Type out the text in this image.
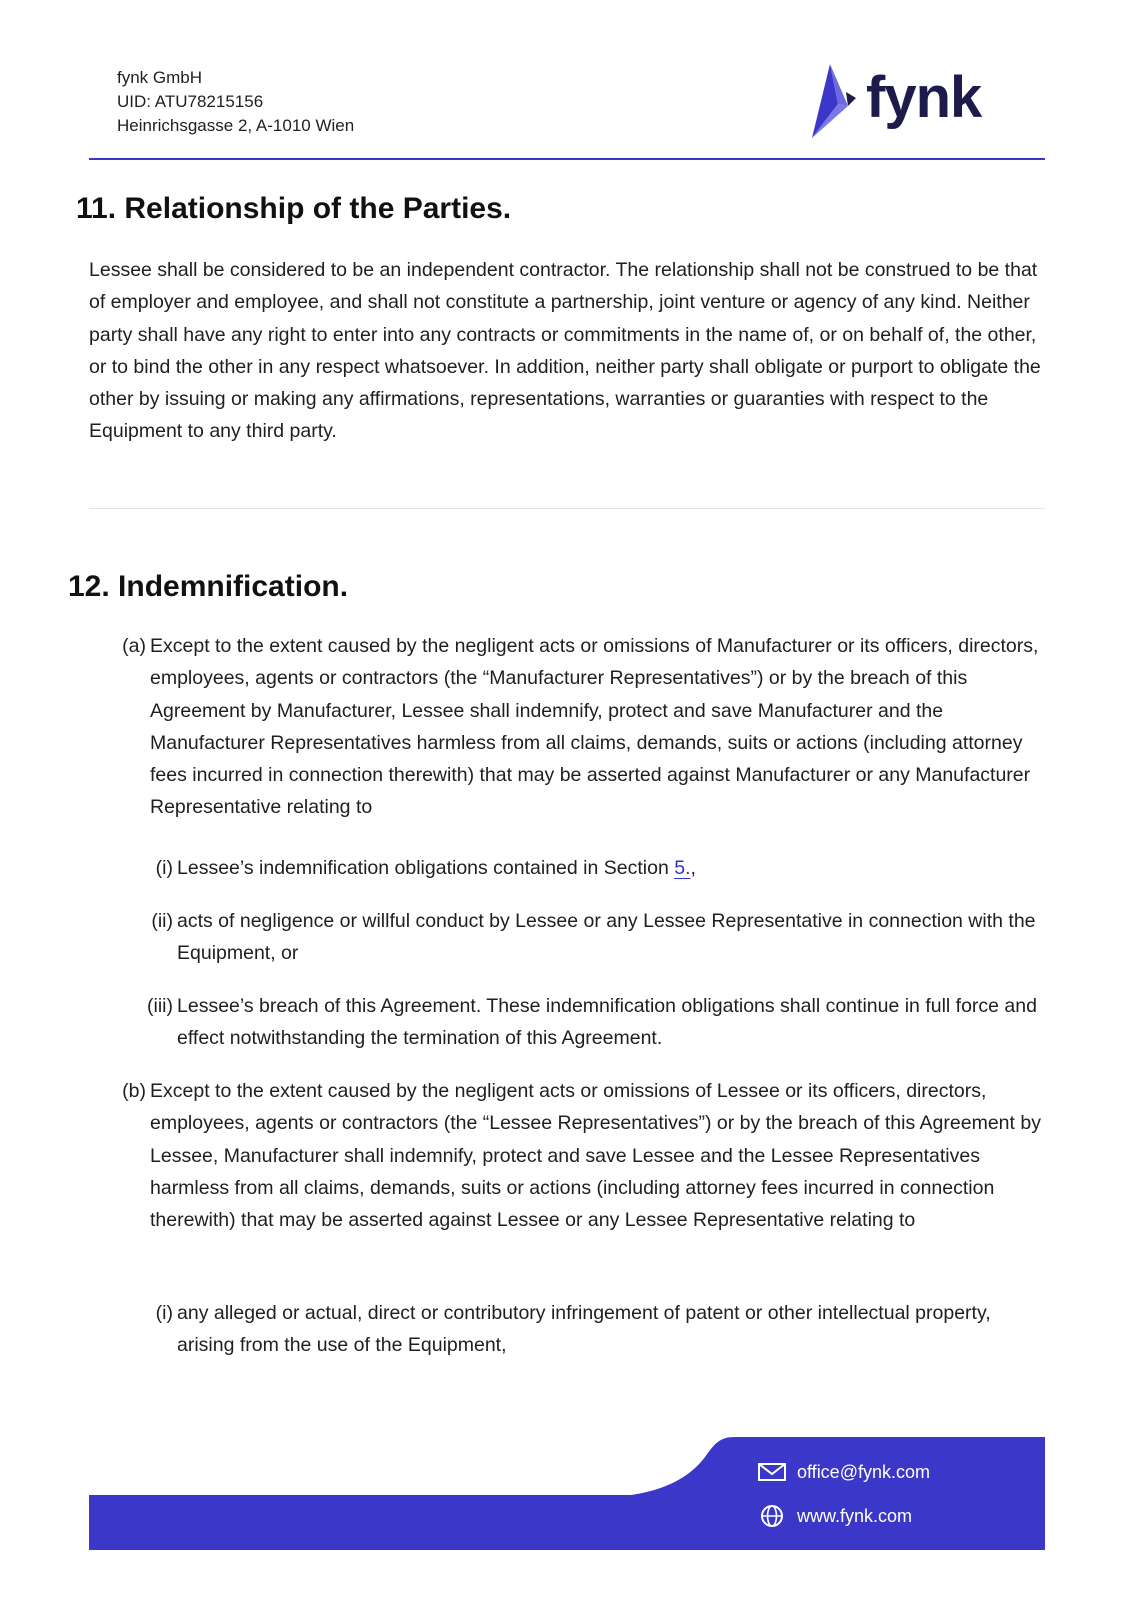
fynk GmbH
UID: ATU78215156
Heinrichsgasse 2, A-1010 Wien	fynk
11. Relationship of the Parties.
Lessee shall be considered to be an independent contractor. The relationship shall not be construed to be that of employer and employee, and shall not constitute a partnership, joint venture or agency of any kind. Neither party shall have any right to enter into any contracts or commitments in the name of, or on behalf of, the other, or to bind the other in any respect whatsoever. In addition, neither party shall obligate or purport to obligate the other by issuing or making any affirmations, representations, warranties or guaranties with respect to the Equipment to any third party.
12. Indemnification.
(a) Except to the extent caused by the negligent acts or omissions of Manufacturer or its officers, directors, employees, agents or contractors (the “Manufacturer Representatives”) or by the breach of this Agreement by Manufacturer, Lessee shall indemnify, protect and save Manufacturer and the Manufacturer Representatives harmless from all claims, demands, suits or actions (including attorney fees incurred in connection therewith) that may be asserted against Manufacturer or any Manufacturer Representative relating to
(i) Lessee’s indemnification obligations contained in Section 5.,
(ii) acts of negligence or willful conduct by Lessee or any Lessee Representative in connection with the Equipment, or
(iii) Lessee’s breach of this Agreement. These indemnification obligations shall continue in full force and effect notwithstanding the termination of this Agreement.
(b) Except to the extent caused by the negligent acts or omissions of Lessee or its officers, directors, employees, agents or contractors (the “Lessee Representatives”) or by the breach of this Agreement by Lessee, Manufacturer shall indemnify, protect and save Lessee and the Lessee Representatives harmless from all claims, demands, suits or actions (including attorney fees incurred in connection therewith) that may be asserted against Lessee or any Lessee Representative relating to
(i) any alleged or actual, direct or contributory infringement of patent or other intellectual property, arising from the use of the Equipment,
office@fynk.com
www.fynk.com
